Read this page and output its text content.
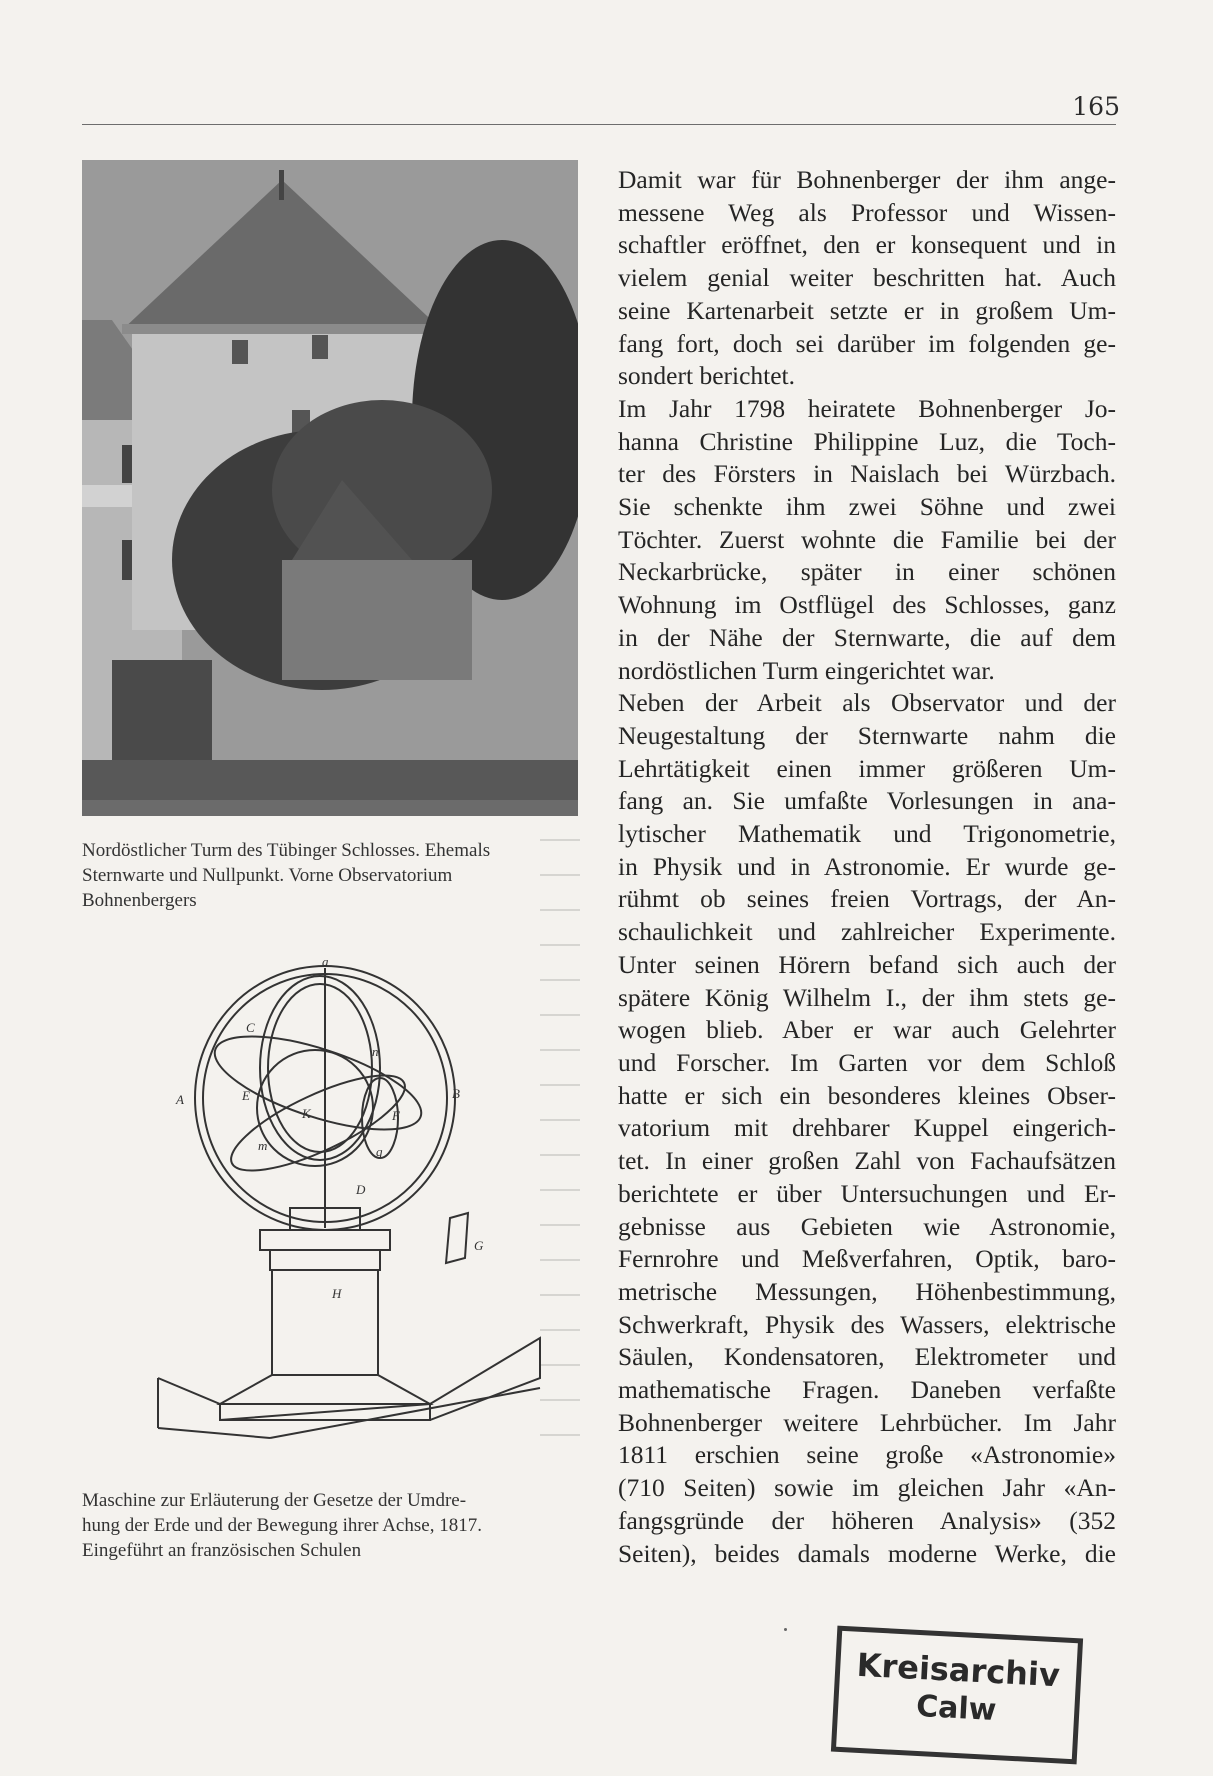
165
Nordöstlicher Turm des Tübinger Schlosses. Ehemals
Sternwarte und Nullpunkt. Vorne Observatorium
Bohnenbergers
a
C
A	E
K	F
B
n
m
D
q
G
H
Maschine zur Erläuterung der Gesetze der Umdre-
hung der Erde und der Bewegung ihrer Achse, 1817.
Eingeführt an französischen Schulen
Damit war für Bohnenberger der ihm ange-
messene Weg als Professor und Wissen-
schaftler eröffnet, den er konsequent und in
vielem genial weiter beschritten hat. Auch
seine Kartenarbeit setzte er in großem Um-
fang fort, doch sei darüber im folgenden ge-
sondert berichtet.
Im Jahr 1798 heiratete Bohnenberger Jo-
hanna Christine Philippine Luz, die Toch-
ter des Försters in Naislach bei Würzbach.
Sie schenkte ihm zwei Söhne und zwei
Töchter. Zuerst wohnte die Familie bei der
Neckarbrücke, später in einer schönen
Wohnung im Ostflügel des Schlosses, ganz
in der Nähe der Sternwarte, die auf dem
nordöstlichen Turm eingerichtet war.
Neben der Arbeit als Observator und der
Neugestaltung der Sternwarte nahm die
Lehrtätigkeit einen immer größeren Um-
fang an. Sie umfaßte Vorlesungen in ana-
lytischer Mathematik und Trigonometrie,
in Physik und in Astronomie. Er wurde ge-
rühmt ob seines freien Vortrags, der An-
schaulichkeit und zahlreicher Experimente.
Unter seinen Hörern befand sich auch der
spätere König Wilhelm I., der ihm stets ge-
wogen blieb. Aber er war auch Gelehrter
und Forscher. Im Garten vor dem Schloß
hatte er sich ein besonderes kleines Obser-
vatorium mit drehbarer Kuppel eingerich-
tet. In einer großen Zahl von Fachaufsätzen
berichtete er über Untersuchungen und Er-
gebnisse aus Gebieten wie Astronomie,
Fernrohre und Meßverfahren, Optik, baro-
metrische Messungen, Höhenbestimmung,
Schwerkraft, Physik des Wassers, elektrische
Säulen, Kondensatoren, Elektrometer und
mathematische Fragen. Daneben verfaßte
Bohnenberger weitere Lehrbücher. Im Jahr
1811 erschien seine große «Astronomie»
(710 Seiten) sowie im gleichen Jahr «An-
fangsgründe der höheren Analysis» (352
Seiten), beides damals moderne Werke, die
Kreisarchiv
Calw
